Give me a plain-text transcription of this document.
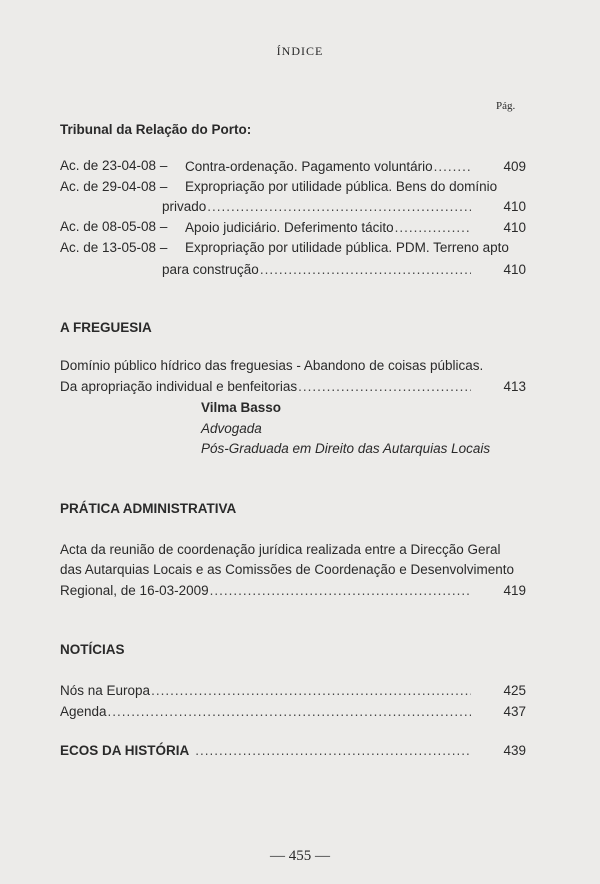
ÍNDICE
Pág.
Tribunal da Relação do Porto:
Ac. de 23-04-08 – Contra-ordenação. Pagamento voluntário .....	409
Ac. de 29-04-08 – Expropriação por utilidade pública. Bens do domínio
privado .....	410
Ac. de 08-05-08 – Apoio judiciário. Deferimento tácito .....	410
Ac. de 13-05-08 – Expropriação por utilidade pública. PDM. Terreno apto
para construção .....	410
A FREGUESIA
Domínio público hídrico das freguesias - Abandono de coisas públicas.
Da apropriação individual e benfeitorias .....	413
Vilma Basso
Advogada
Pós-Graduada em Direito das Autarquias Locais
PRÁTICA ADMINISTRATIVA
Acta da reunião de coordenação jurídica realizada entre a Direcção Geral
das Autarquias Locais e as Comissões de Coordenação e Desenvolvimento
Regional, de 16-03-2009 .....	419
NOTÍCIAS
Nós na Europa .....	425
Agenda .....	437
ECOS DA HISTÓRIA .....	439
— 455 —
